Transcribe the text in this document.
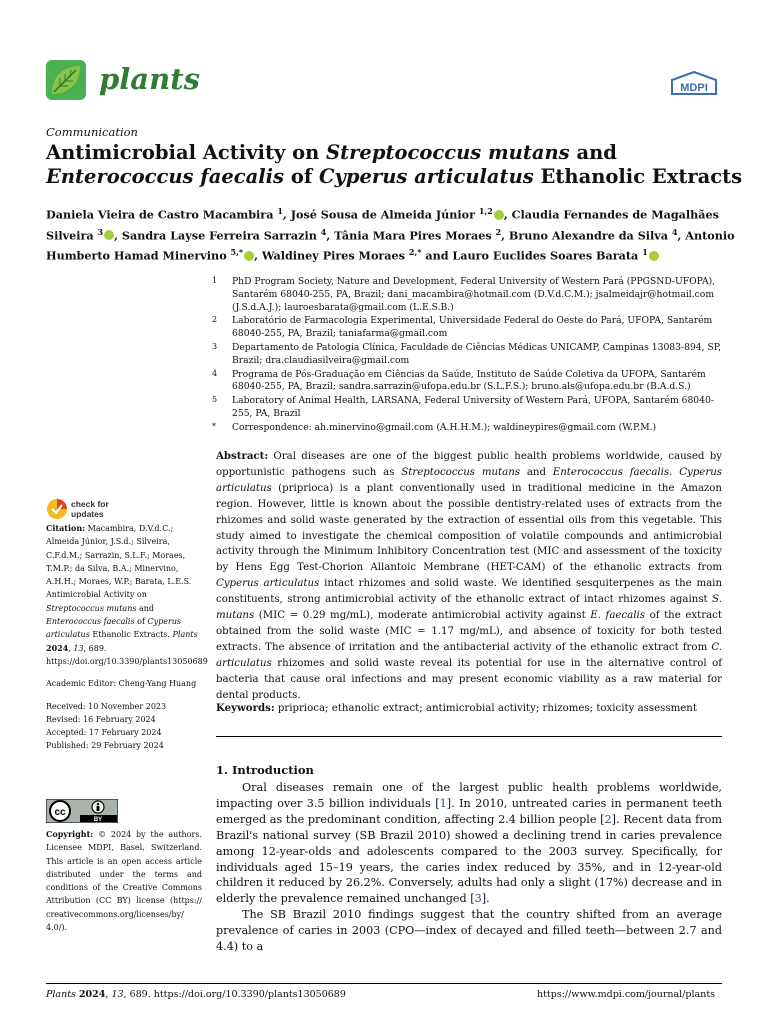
plants	MDPI
Communication
Antimicrobial Activity on Streptococcus mutans and
Enterococcus faecalis of Cyperus articulatus Ethanolic Extracts
Daniela Vieira de Castro Macambira $^1$, José Sousa de Almeida Júnior $^{1,2}$ , Claudia Fernandes de Magalhães Silveira $^3$ , Sandra Layse Ferreira Sarrazin $^4$, Tânia Mara Pires Moraes $^2$, Bruno Alexandre da Silva $^4$, Antonio Humberto Hamad Minervino $^{5,*}$ , Waldiney Pires Moraes $^{2,*}$ and Lauro Euclides Soares Barata $^1$
1 PhD Program Society, Nature and Development, Federal University of Western Pará (PPGSND-UFOPA), Santarém 68040-255, PA, Brazil; dani_macambira@hotmail.com (D.V.d.C.M.); jsalmeidajr@hotmail.com (J.S.d.A.J.); lauroesbarata@gmail.com (L.E.S.B.)
2 Laboratório de Farmacologia Experimental, Universidade Federal do Oeste do Pará, UFOPA, Santarém 68040-255, PA, Brazil; taniafarma@gmail.com
3 Departamento de Patologia Clínica, Faculdade de Ciências Médicas UNICAMP, Campinas 13083-894, SP, Brazil; dra.claudiasilveira@gmail.com
4 Programa de Pós-Graduação em Ciências da Saúde, Instituto de Saúde Coletiva da UFOPA, Santarém 68040-255, PA, Brazil; sandra.sarrazin@ufopa.edu.br (S.L.F.S.); bruno.als@ufopa.edu.br (B.A.d.S.)
5 Laboratory of Animal Health, LARSANA, Federal University of Western Pará, UFOPA, Santarém 68040-255, PA, Brazil
* Correspondence: ah.minervino@gmail.com (A.H.H.M.); waldineypires@gmail.com (W.P.M.)
Abstract: Oral diseases are one of the biggest public health problems worldwide, caused by opportunistic pathogens such as Streptococcus mutans and Enterococcus faecalis. Cyperus articulatus (priprioca) is a plant conventionally used in traditional medicine in the Amazon region. However, little is known about the possible dentistry-related uses of extracts from the rhizomes and solid waste generated by the extraction of essential oils from this vegetable. This study aimed to investigate the chemical composition of volatile compounds and antimicrobial activity through the Minimum Inhibitory Concentration test (MIC and assessment of the toxicity by Hens Egg Test-Chorion Allantoic Membrane (HET-CAM) of the ethanolic extracts from Cyperus articulatus intact rhizomes and solid waste. We identified sesquiterpenes as the main constituents, strong antimicrobial activity of the ethanolic extract of intact rhizomes against S. mutans (MIC = 0.29 mg/mL), moderate antimicrobial activity against E. faecalis of the extract obtained from the solid waste (MIC = 1.17 mg/mL), and absence of toxicity for both tested extracts. The absence of irritation and the antibacterial activity of the ethanolic extract from C. articulatus rhizomes and solid waste reveal its potential for use in the alternative control of bacteria that cause oral infections and may present economic viability as a raw material for dental products.
Keywords: priprioca; ethanolic extract; antimicrobial activity; rhizomes; toxicity assessment
check for
updates

Citation: Macambira, D.V.d.C.; Almeida Júnior, J.S.d.; Silveira, C.F.d.M.; Sarrazin, S.L.F.; Moraes, T.M.P.; da Silva, B.A.; Minervino, A.H.H.; Moraes, W.P.; Barata, L.E.S. Antimicrobial Activity on Streptococcus mutans and Enterococcus faecalis of Cyperus articulatus Ethanolic Extracts. Plants 2024, 13, 689. https://doi.org/10.3390/plants13050689

Academic Editor: Cheng-Yang Huang

Received: 10 November 2023
Revised: 16 February 2024
Accepted: 17 February 2024
Published: 29 February 2024

cc
BY
Copyright: © 2024 by the authors. Licensee MDPI, Basel, Switzerland. This article is an open access article distributed under the terms and conditions of the Creative Commons Attribution (CC BY) license (https:// creativecommons.org/licenses/by/ 4.0/).
1. Introduction

Oral diseases remain one of the largest public health problems worldwide, impacting over 3.5 billion individuals [1]. In 2010, untreated caries in permanent teeth emerged as the predominant condition, affecting 2.4 billion people [2]. Recent data from Brazil's national survey (SB Brazil 2010) showed a declining trend in caries prevalence among 12-year-olds and adolescents compared to the 2003 survey. Specifically, for individuals aged 15–19 years, the caries index reduced by 35%, and in 12-year-old children it reduced by 26.2%. Conversely, adults had only a slight (17%) decrease and in elderly the prevalence remained unchanged [3].

The SB Brazil 2010 findings suggest that the country shifted from an average prevalence of caries in 2003 (CPO—index of decayed and filled teeth—between 2.7 and 4.4) to a

Plants 2024, 13, 689. https://doi.org/10.3390/plants13050689	https://www.mdpi.com/journal/plants
